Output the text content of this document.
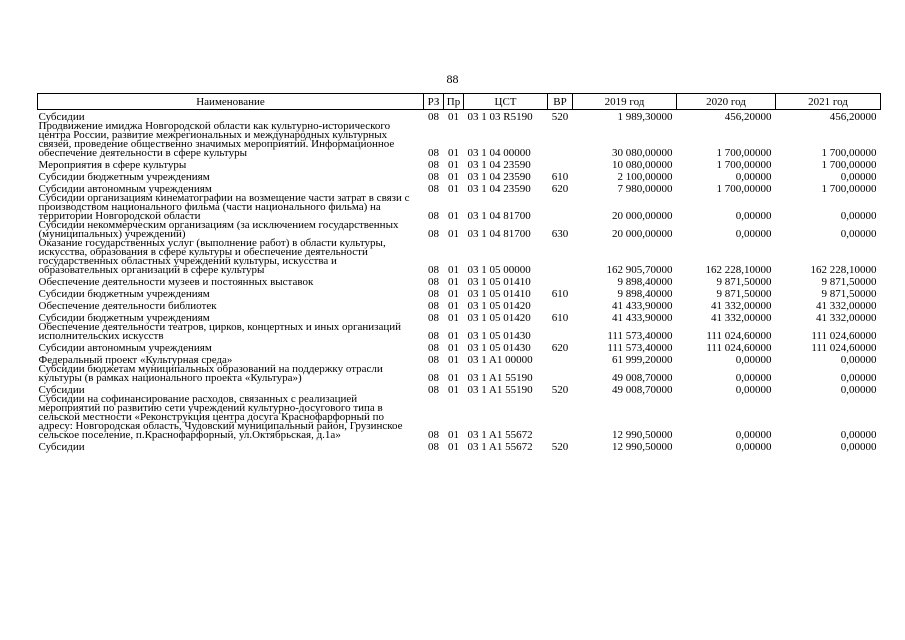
88
Наименование	РЗ	Пр	ЦСТ	ВР	2019 год	2020 год	2021 год
Субсидии	08	01	03 1 03 R5190	520	1 989,30000	456,20000	456,20000
Продвижение имиджа Новгородской области как культурно-исторического центра России, развитие межрегиональных и международных культурных связей, проведение общественно значимых мероприятий. Информационное обеспечение деятельности в сфере культуры	08	01	03 1 04 00000		30 080,00000	1 700,00000	1 700,00000
Мероприятия в сфере культуры	08	01	03 1 04 23590		10 080,00000	1 700,00000	1 700,00000
Субсидии бюджетным учреждениям	08	01	03 1 04 23590	610	2 100,00000	0,00000	0,00000
Субсидии автономным учреждениям	08	01	03 1 04 23590	620	7 980,00000	1 700,00000	1 700,00000
Субсидии организациям кинематографии на возмещение части затрат в связи с производством национального фильма (части национального фильма) на территории Новгородской области	08	01	03 1 04 81700		20 000,00000	0,00000	0,00000
Субсидии некоммерческим организациям (за исключением государственных (муниципальных) учреждений)	08	01	03 1 04 81700	630	20 000,00000	0,00000	0,00000
Оказание государственных услуг (выполнение работ) в области культуры, искусства, образования в сфере культуры и обеспечение деятельности государственных областных учреждений культуры, искусства и образовательных организаций в сфере культуры	08	01	03 1 05 00000		162 905,70000	162 228,10000	162 228,10000
Обеспечение деятельности музеев и постоянных выставок	08	01	03 1 05 01410		9 898,40000	9 871,50000	9 871,50000
Субсидии бюджетным учреждениям	08	01	03 1 05 01410	610	9 898,40000	9 871,50000	9 871,50000
Обеспечение деятельности библиотек	08	01	03 1 05 01420		41 433,90000	41 332,00000	41 332,00000
Субсидии бюджетным учреждениям	08	01	03 1 05 01420	610	41 433,90000	41 332,00000	41 332,00000
Обеспечение деятельности театров, цирков, концертных и иных организаций исполнительских искусств	08	01	03 1 05 01430		111 573,40000	111 024,60000	111 024,60000
Субсидии автономным учреждениям	08	01	03 1 05 01430	620	111 573,40000	111 024,60000	111 024,60000
Федеральный проект «Культурная среда»	08	01	03 1 A1 00000		61 999,20000	0,00000	0,00000
Субсидии бюджетам муниципальных образований на поддержку отрасли культуры (в рамках национального проекта «Культура»)	08	01	03 1 A1 55190		49 008,70000	0,00000	0,00000
Субсидии	08	01	03 1 A1 55190	520	49 008,70000	0,00000	0,00000
Субсидии на софинансирование расходов, связанных с реализацией мероприятий по развитию сети учреждений культурно-досугового типа в сельской местности «Реконструкция центра досуга Краснофарфорный по адресу: Новгородская область, Чудовский муниципальный район, Грузинское сельское поселение, п.Краснофарфорный, ул.Октябрьская, д.1а»	08	01	03 1 A1 55672		12 990,50000	0,00000	0,00000
Субсидии	08	01	03 1 A1 55672	520	12 990,50000	0,00000	0,00000
